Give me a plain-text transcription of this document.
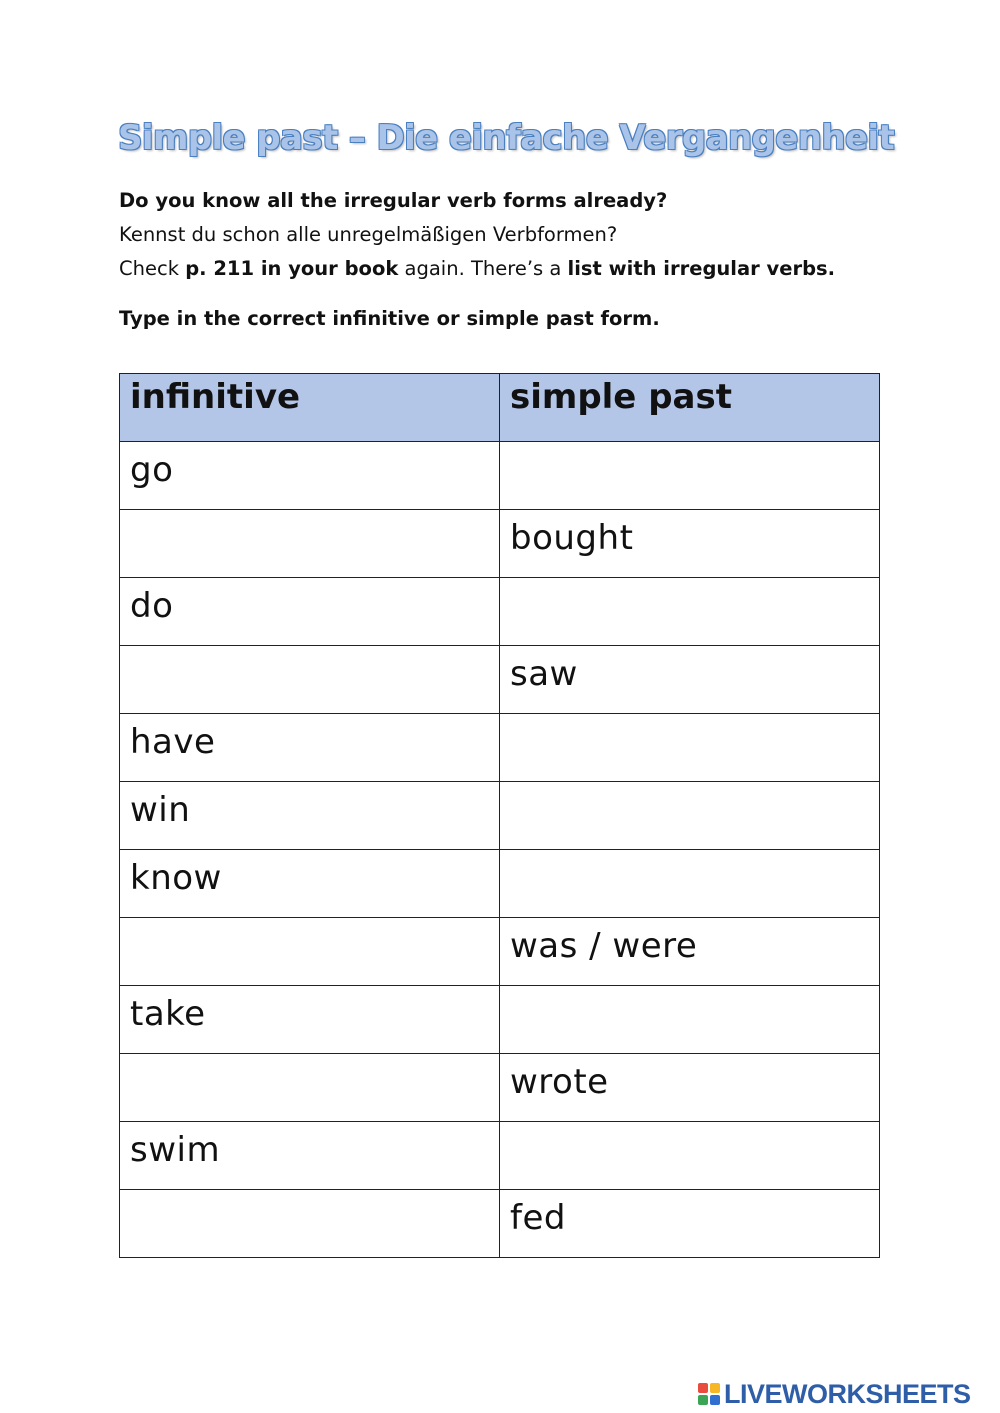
Simple past – Die einfache Vergangenheit

Do you know all the irregular verb forms already?

Kennst du schon alle unregelmäßigen Verbformen?

Check p. 211 in your book again. There’s a list with irregular verbs.

Type in the correct infinitive or simple past form.
infinitive	simple past
go	
	bought
do	
	saw
have	
win	
know	
	was / were
take	
	wrote
swim	
	fed
LIVEWORKSHEETS
